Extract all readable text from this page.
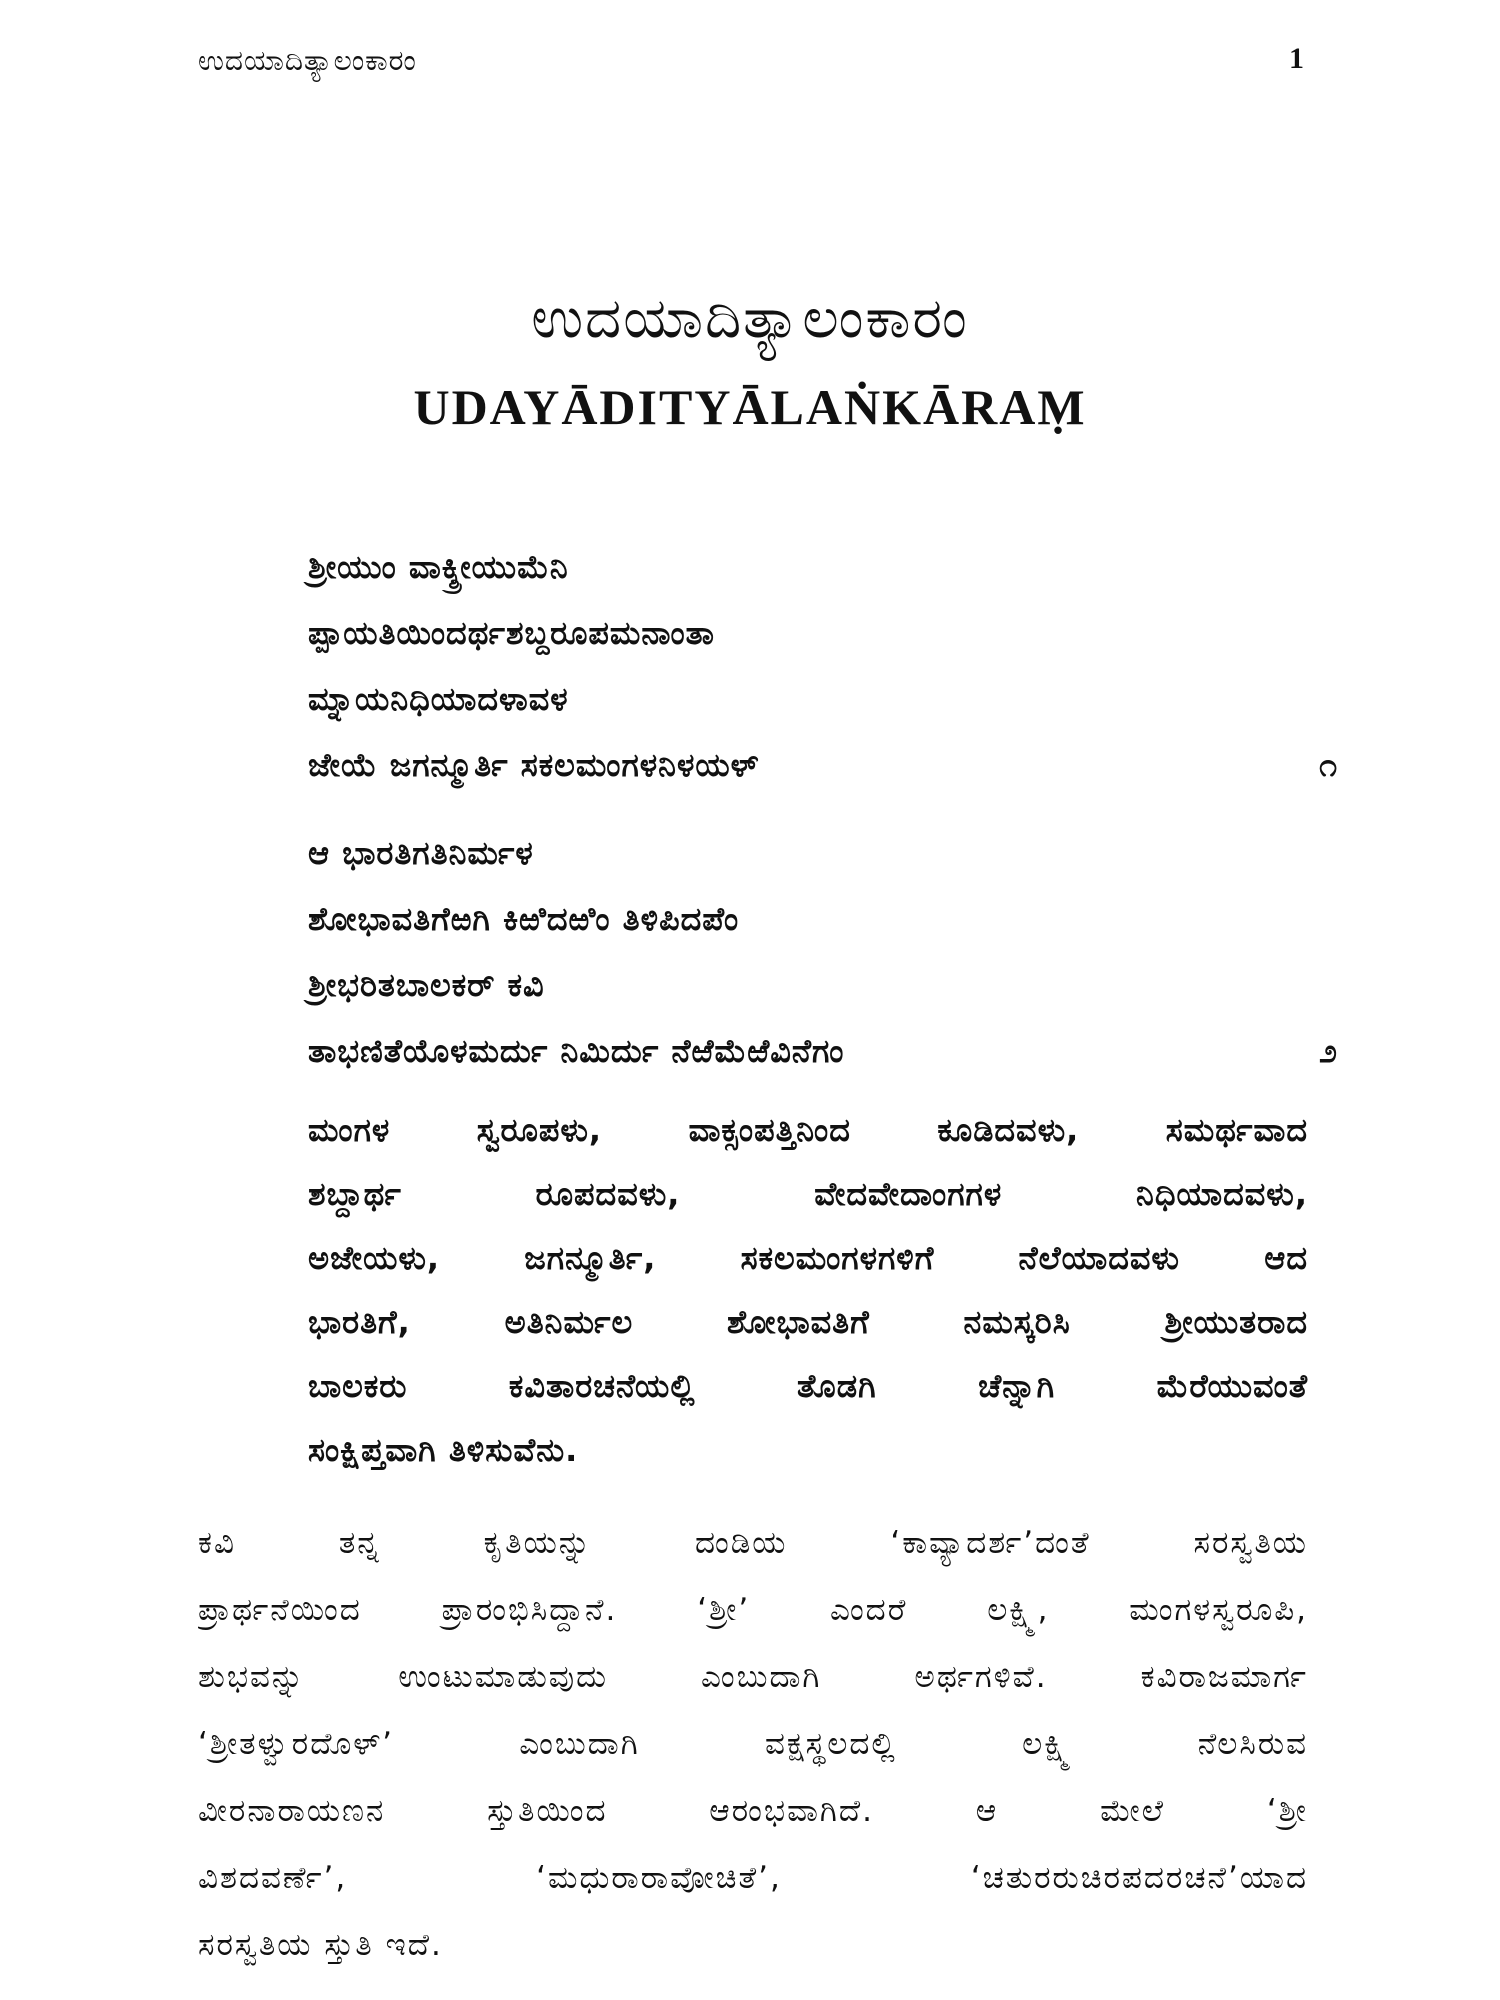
ಉದಯಾದಿತ್ಯಾಲಂಕಾರಂ	1
ಉದಯಾದಿತ್ಯಾಲಂಕಾರಂ
UDAYĀDITYĀLAṄKĀRAṂ
ಶ್ರೀಯುಂ ವಾಕ್ಶ್ರೀಯುಮೆನಿ
ಪ್ಪಾಯತಿಯಿಂದರ್ಥಶಬ್ದರೂಪಮನಾಂತಾ
ಮ್ನಾಯನಿಧಿಯಾದಳಾವಳ
ಜೇಯೆ ಜಗನ್ಮೂರ್ತಿ ಸಕಲಮಂಗಳನಿಳಯಳ್	೧
ಆ ಭಾರತಿಗತಿನಿರ್ಮಳ
ಶೋಭಾವತಿಗೆಱಗಿ ಕಿಱಿದಱಿಂ ತಿಳಿಪಿದಪೆಂ
ಶ್ರೀಭರಿತಬಾಲಕರ್ ಕವಿ
ತಾಭಣಿತೆಯೊಳಮರ್ದು ನಿಮಿರ್ದು ನೆಱೆಮೆಱೆವಿನೆಗಂ	೨
ಮಂಗಳ ಸ್ವರೂಪಳು, ವಾಕ್ಸಂಪತ್ತಿನಿಂದ ಕೂಡಿದವಳು, ಸಮರ್ಥವಾದ
ಶಬ್ದಾರ್ಥ ರೂಪದವಳು, ವೇದವೇದಾಂಗಗಳ ನಿಧಿಯಾದವಳು,
ಅಜೇಯಳು, ಜಗನ್ಮೂರ್ತಿ, ಸಕಲಮಂಗಳಗಳಿಗೆ ನೆಲೆಯಾದವಳು ಆದ
ಭಾರತಿಗೆ, ಅತಿನಿರ್ಮಲ ಶೋಭಾವತಿಗೆ ನಮಸ್ಕರಿಸಿ ಶ್ರೀಯುತರಾದ
ಬಾಲಕರು ಕವಿತಾರಚನೆಯಲ್ಲಿ ತೊಡಗಿ ಚೆನ್ನಾಗಿ ಮೆರೆಯುವಂತೆ
ಸಂಕ್ಷಿಪ್ತವಾಗಿ ತಿಳಿಸುವೆನು.
ಕವಿ ತನ್ನ ಕೃತಿಯನ್ನು ದಂಡಿಯ ‘ಕಾವ್ಯಾದರ್ಶ’ದಂತೆ ಸರಸ್ವತಿಯ
ಪ್ರಾರ್ಥನೆಯಿಂದ ಪ್ರಾರಂಭಿಸಿದ್ದಾನೆ. ‘ಶ್ರೀ’ ಎಂದರೆ ಲಕ್ಷ್ಮಿ, ಮಂಗಳಸ್ವರೂಪಿ,
ಶುಭವನ್ನು ಉಂಟುಮಾಡುವುದು ಎಂಬುದಾಗಿ ಅರ್ಥಗಳಿವೆ. ಕವಿರಾಜಮಾರ್ಗ
‘ಶ್ರೀತಳ್ವುರದೊಳ್’ ಎಂಬುದಾಗಿ ವಕ್ಷಸ್ಥಲದಲ್ಲಿ ಲಕ್ಷ್ಮಿ ನೆಲಸಿರುವ
ವೀರನಾರಾಯಣನ ಸ್ತುತಿಯಿಂದ ಆರಂಭವಾಗಿದೆ. ಆ ಮೇಲೆ ‘ಶ್ರೀ
ವಿಶದವರ್ಣೆ’, ‘ಮಧುರಾರಾವೋಚಿತೆ’, ‘ಚತುರರುಚಿರಪದರಚನೆ’ಯಾದ
ಸರಸ್ವತಿಯ ಸ್ತುತಿ ಇದೆ.
